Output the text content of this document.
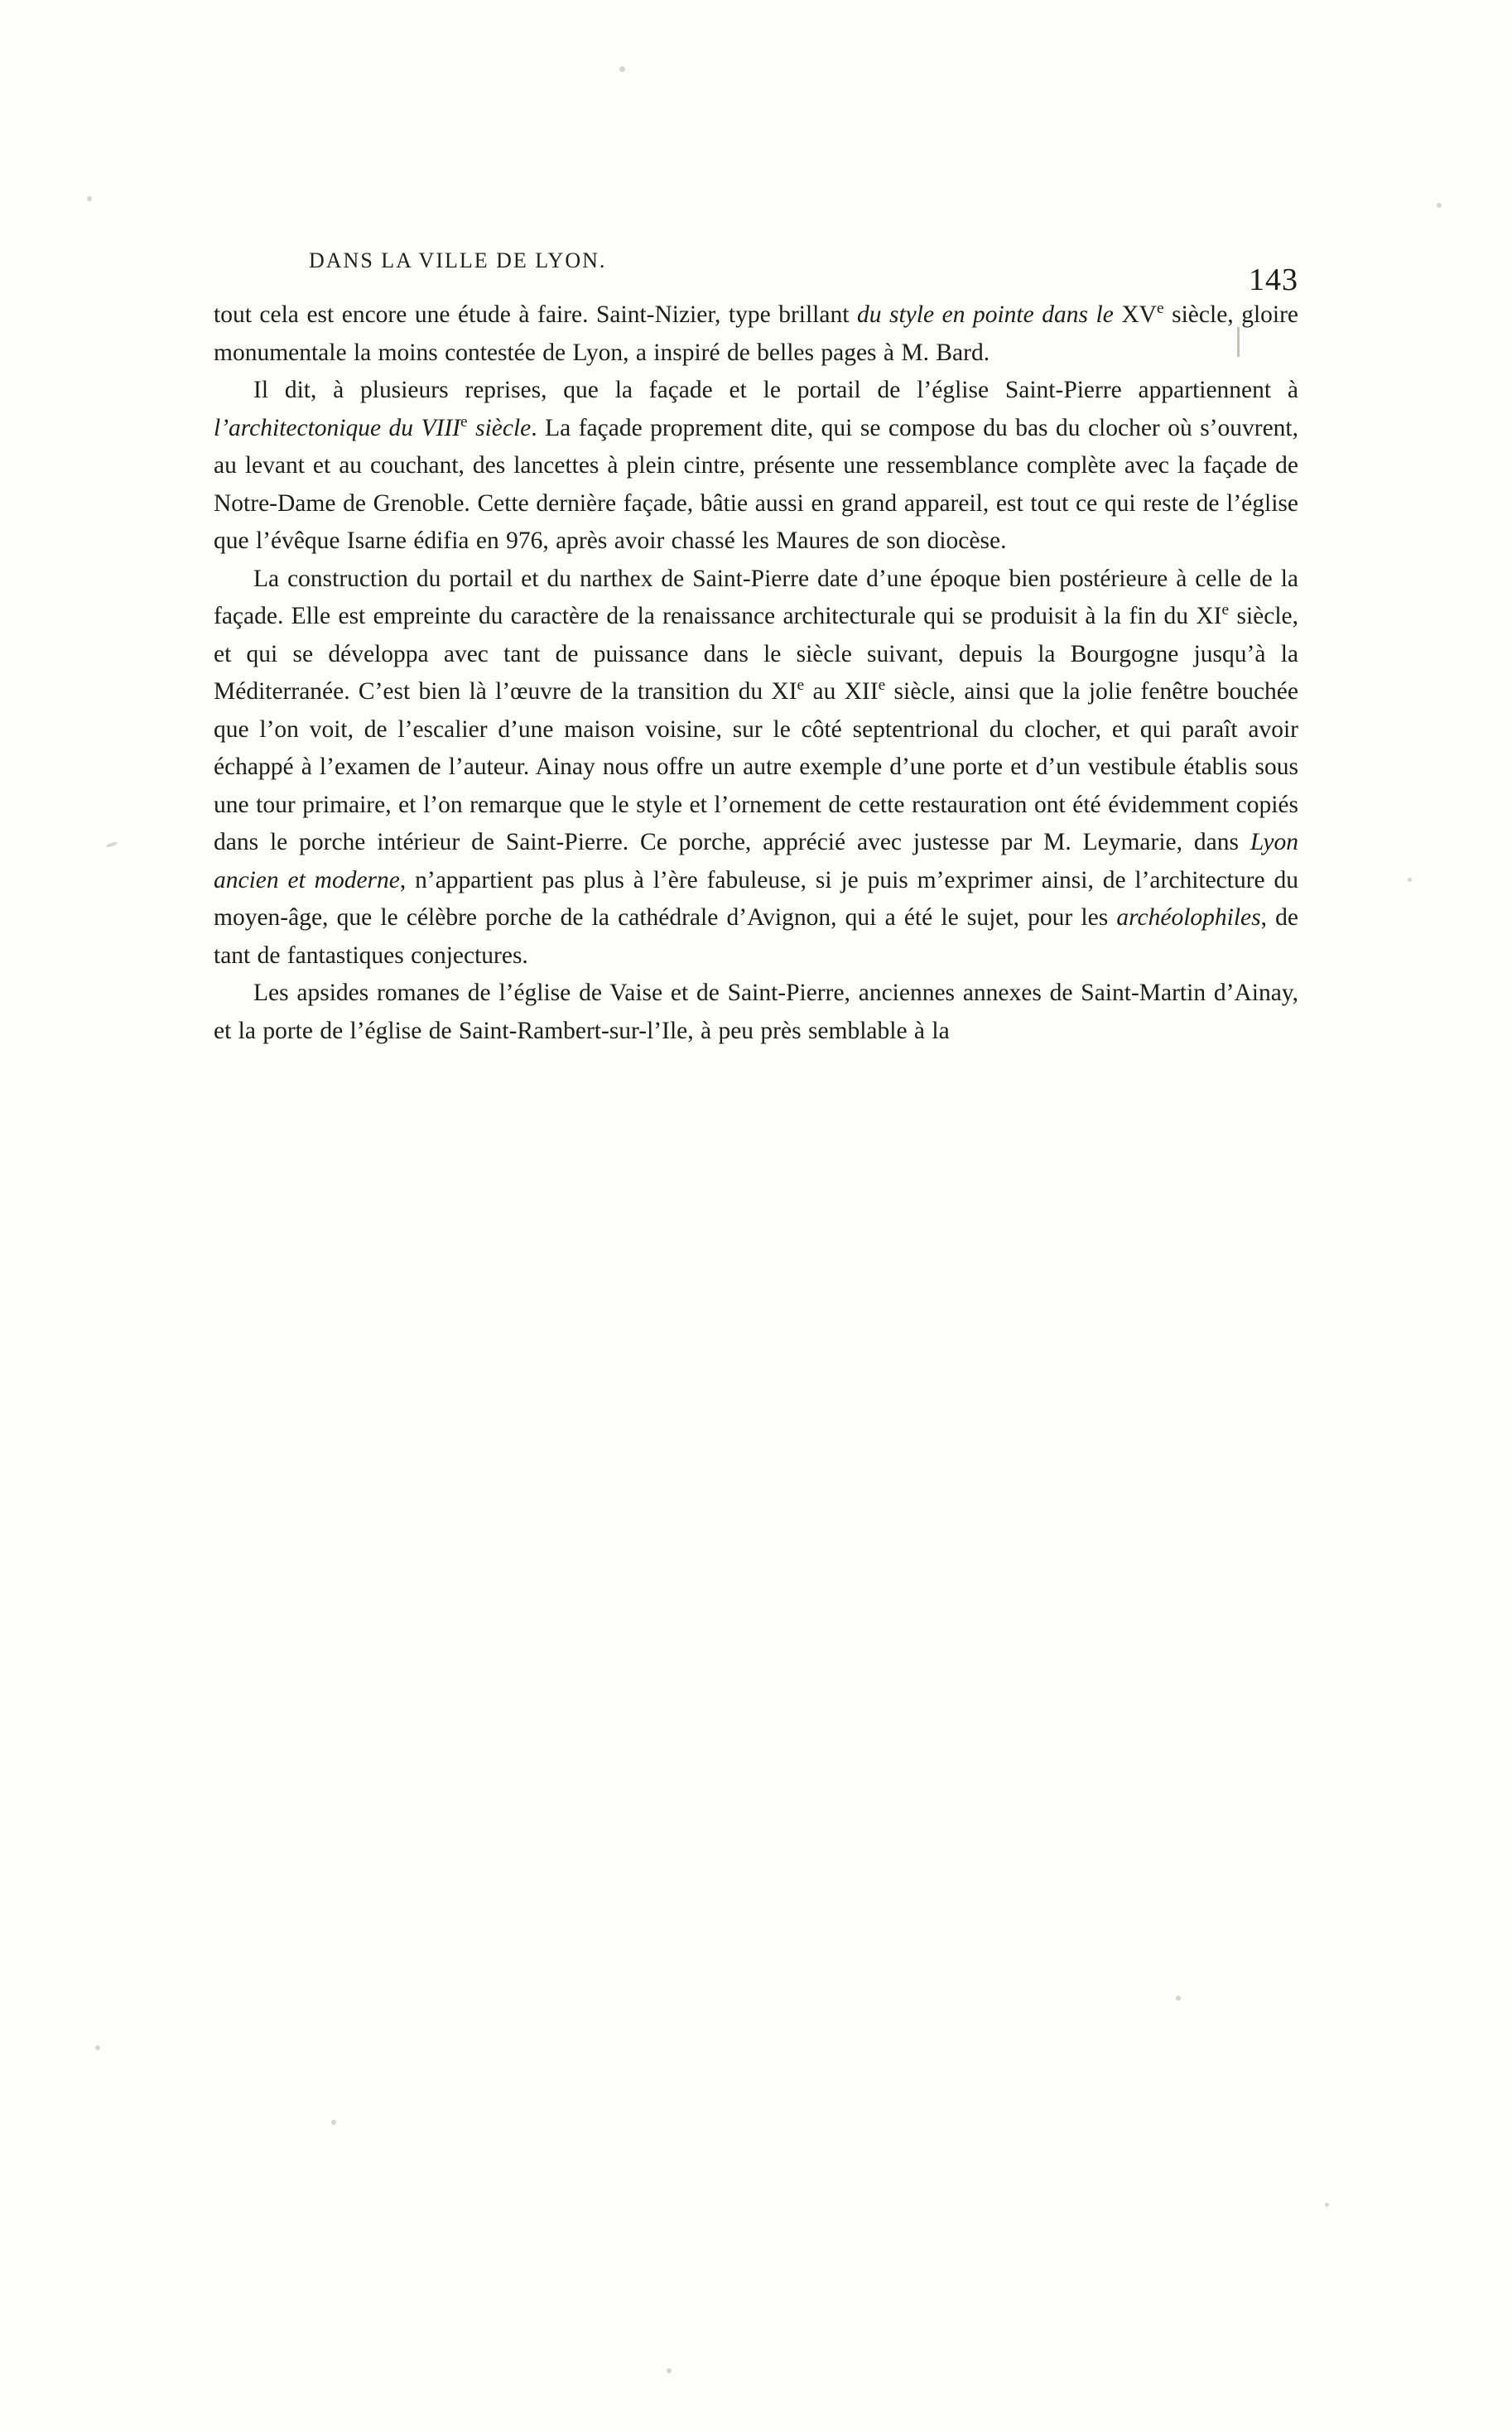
DANS LA VILLE DE LYON.
143

tout cela est encore une étude à faire. Saint-Nizier, type brillant du style en pointe dans le XVe siècle, gloire monumentale la moins contestée de Lyon, a inspiré de belles pages à M. Bard.

Il dit, à plusieurs reprises, que la façade et le portail de l’église Saint-Pierre appartiennent à l’architectonique du VIIIe siècle. La façade proprement dite, qui se compose du bas du clocher où s’ouvrent, au levant et au couchant, des lancettes à plein cintre, présente une ressemblance complète avec la façade de Notre-Dame de Grenoble. Cette dernière façade, bâtie aussi en grand appareil, est tout ce qui reste de l’église que l’évêque Isarne édifia en 976, après avoir chassé les Maures de son diocèse.

La construction du portail et du narthex de Saint-Pierre date d’une époque bien postérieure à celle de la façade. Elle est empreinte du caractère de la renaissance architecturale qui se produisit à la fin du XIe siècle, et qui se développa avec tant de puissance dans le siècle suivant, depuis la Bourgogne jusqu’à la Méditerranée. C’est bien là l’œuvre de la transition du XIe au XIIe siècle, ainsi que la jolie fenêtre bouchée que l’on voit, de l’escalier d’une maison voisine, sur le côté septentrional du clocher, et qui paraît avoir échappé à l’examen de l’auteur. Ainay nous offre un autre exemple d’une porte et d’un vestibule établis sous une tour primaire, et l’on remarque que le style et l’ornement de cette restauration ont été évidemment copiés dans le porche intérieur de Saint-Pierre. Ce porche, apprécié avec justesse par M. Leymarie, dans Lyon ancien et moderne, n’appartient pas plus à l’ère fabuleuse, si je puis m’exprimer ainsi, de l’architecture du moyen-âge, que le célèbre porche de la cathédrale d’Avignon, qui a été le sujet, pour les archéolophiles, de tant de fantastiques conjectures.

Les apsides romanes de l’église de Vaise et de Saint-Pierre, anciennes annexes de Saint-Martin d’Ainay, et la porte de l’église de Saint-Rambert-sur-l’Ile, à peu près semblable à la
